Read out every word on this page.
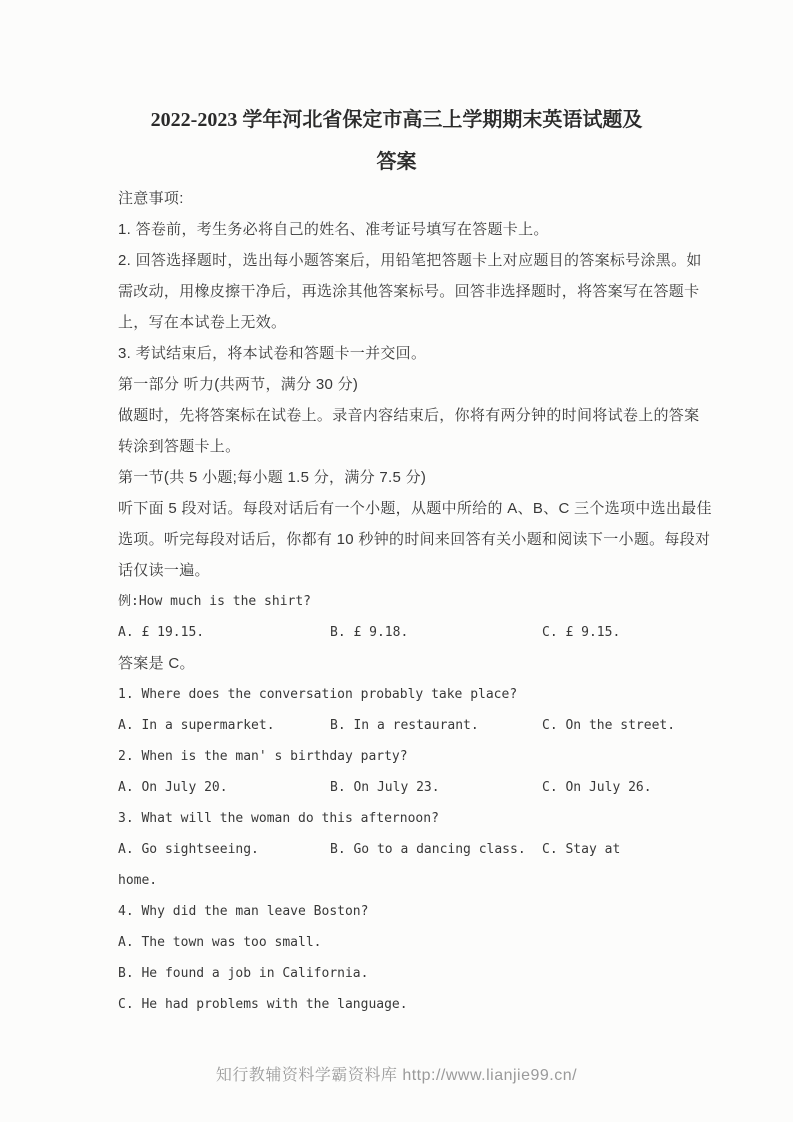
2022-2023 学年河北省保定市高三上学期期末英语试题及

答案

注意事项:

1. 答卷前，考生务必将自己的姓名、准考证号填写在答题卡上。

2. 回答选择题时，选出每小题答案后，用铅笔把答题卡上对应题目的答案标号涂黑。如

需改动，用橡皮擦干净后，再选涂其他答案标号。回答非选择题时，将答案写在答题卡

上，写在本试卷上无效。

3. 考试结束后，将本试卷和答题卡一并交回。

第一部分 听力(共两节，满分 30 分)

做题时，先将答案标在试卷上。录音内容结束后，你将有两分钟的时间将试卷上的答案

转涂到答题卡上。

第一节(共 5 小题;每小题 1.5 分，满分 7.5 分)

听下面 5 段对话。每段对话后有一个小题，从题中所给的 A、B、C 三个选项中选出最佳

选项。听完每段对话后，你都有 10 秒钟的时间来回答有关小题和阅读下一小题。每段对

话仅读一遍。

例:How much is the shirt?

A. £ 19.15.	B. £ 9.18.	C. £ 9.15.

答案是 C。

1. Where does the conversation probably take place?

A. In a supermarket.	B. In a restaurant.	C. On the street.

2. When is the man' s birthday party?

A. On July 20.	B. On July 23.	C. On July 26.

3. What will the woman do this afternoon?

A. Go sightseeing.	B. Go to a dancing class.	C. Stay at

home.

4. Why did the man leave Boston?

A. The town was too small.

B. He found a job in California.

C. He had problems with the language.

知行教辅资料学霸资料库 http://www.lianjie99.cn/
